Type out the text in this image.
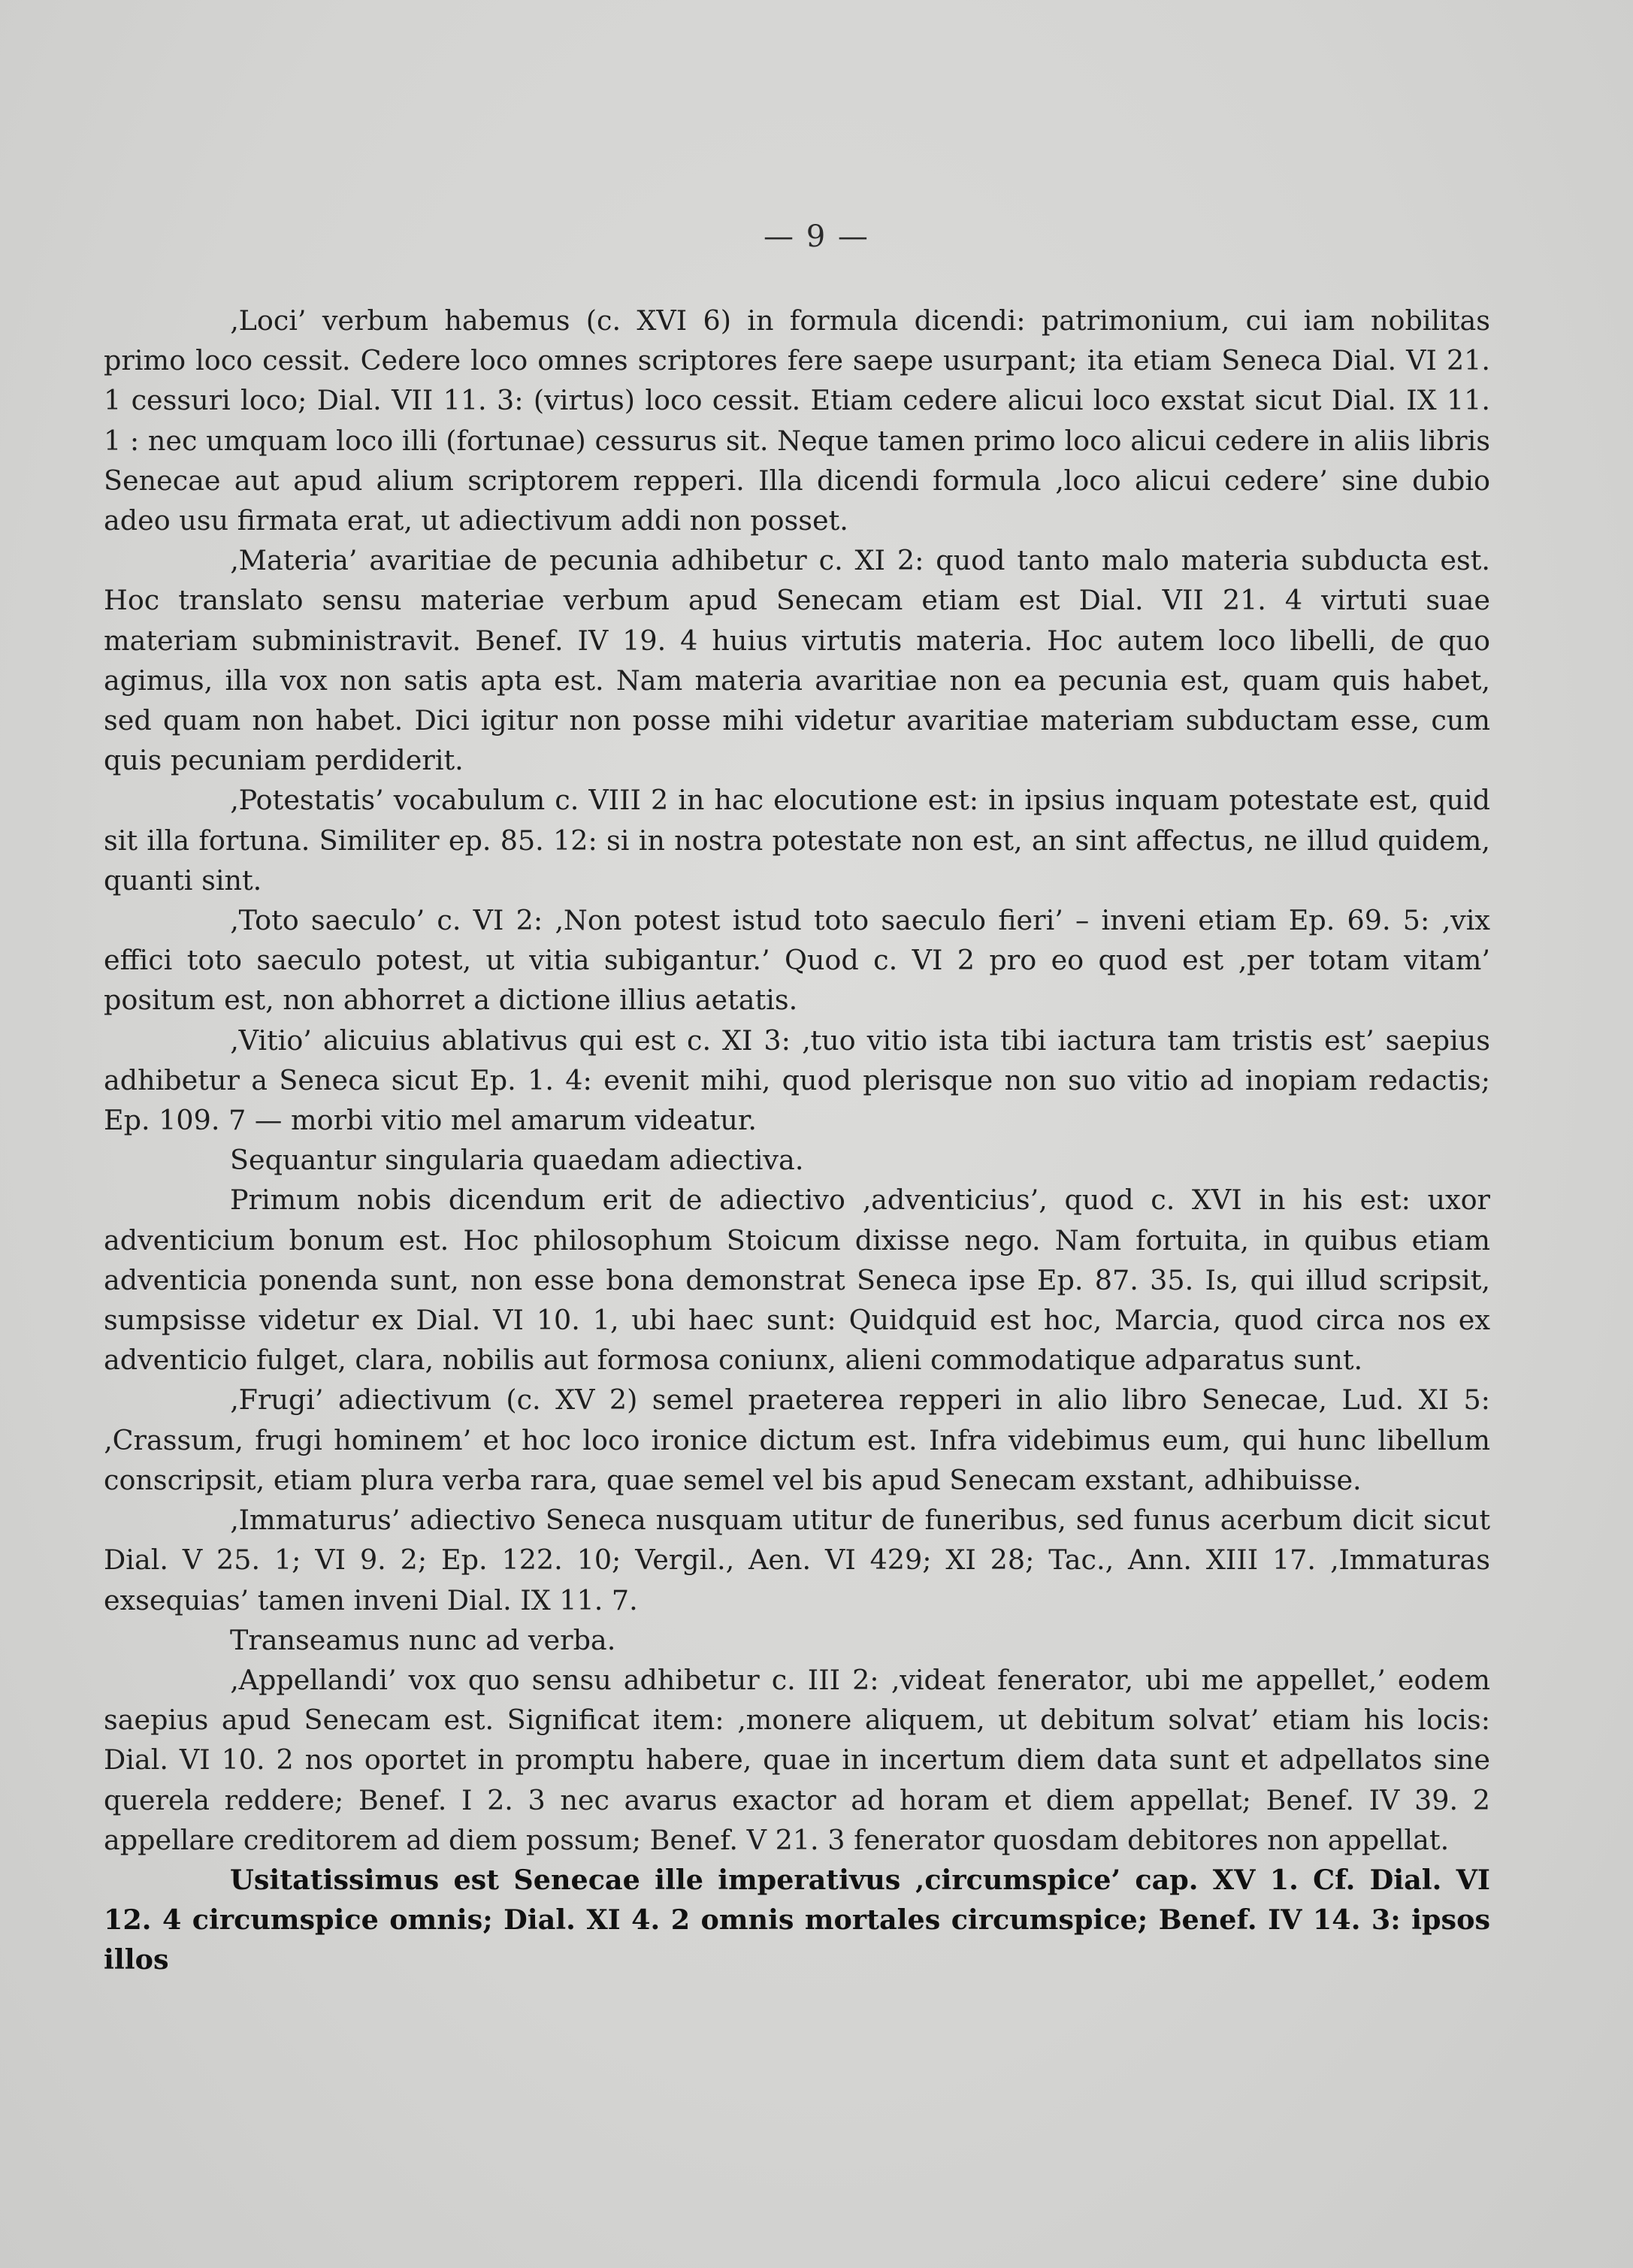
— 9 —

‚Loci’ verbum habemus (c. XVI 6) in formula dicendi: patrimonium, cui iam nobilitas primo loco cessit. Cedere loco omnes scriptores fere saepe usurpant; ita etiam Seneca Dial. VI 21. 1 cessuri loco; Dial. VII 11. 3: (virtus) loco cessit. Etiam cedere alicui loco exstat sicut Dial. IX 11. 1 : nec umquam loco illi (fortunae) cessurus sit. Neque tamen primo loco alicui cedere in aliis libris Senecae aut apud alium scriptorem repperi. Illa dicendi formula ‚loco alicui cedere’ sine dubio adeo usu firmata erat, ut adiectivum addi non posset.

‚Materia’ avaritiae de pecunia adhibetur c. XI 2: quod tanto malo materia subducta est. Hoc translato sensu materiae verbum apud Senecam etiam est Dial. VII 21. 4 virtuti suae materiam subministravit. Benef. IV 19. 4 huius virtutis materia. Hoc autem loco libelli, de quo agimus, illa vox non satis apta est. Nam materia avaritiae non ea pecunia est, quam quis habet, sed quam non habet. Dici igitur non posse mihi videtur avaritiae materiam subductam esse, cum quis pecuniam perdiderit.

‚Potestatis’ vocabulum c. VIII 2 in hac elocutione est: in ipsius inquam potestate est, quid sit illa fortuna. Similiter ep. 85. 12: si in nostra potestate non est, an sint affectus, ne illud quidem, quanti sint.

‚Toto saeculo’ c. VI 2: ‚Non potest istud toto saeculo fieri’ – inveni etiam Ep. 69. 5: ‚vix effici toto saeculo potest, ut vitia subigantur.’ Quod c. VI 2 pro eo quod est ‚per totam vitam’ positum est, non abhorret a dictione illius aetatis.

‚Vitio’ alicuius ablativus qui est c. XI 3: ‚tuo vitio ista tibi iactura tam tristis est’ saepius adhibetur a Seneca sicut Ep. 1. 4: evenit mihi, quod plerisque non suo vitio ad inopiam redactis; Ep. 109. 7 — morbi vitio mel amarum videatur.

Sequantur singularia quaedam adiectiva.

Primum nobis dicendum erit de adiectivo ‚adventicius’, quod c. XVI in his est: uxor adventicium bonum est. Hoc philosophum Stoicum dixisse nego. Nam fortuita, in quibus etiam adventicia ponenda sunt, non esse bona demonstrat Seneca ipse Ep. 87. 35. Is, qui illud scripsit, sumpsisse videtur ex Dial. VI 10. 1, ubi haec sunt: Quidquid est hoc, Marcia, quod circa nos ex adventicio fulget, clara, nobilis aut formosa coniunx, alieni commodatique adparatus sunt.

‚Frugi’ adiectivum (c. XV 2) semel praeterea repperi in alio libro Senecae, Lud. XI 5: ‚Crassum, frugi hominem’ et hoc loco ironice dictum est. Infra videbimus eum, qui hunc libellum conscripsit, etiam plura verba rara, quae semel vel bis apud Senecam exstant, adhibuisse.

‚Immaturus’ adiectivo Seneca nusquam utitur de funeribus, sed funus acerbum dicit sicut Dial. V 25. 1; VI 9. 2; Ep. 122. 10; Vergil., Aen. VI 429; XI 28; Tac., Ann. XIII 17. ‚Immaturas exsequias’ tamen inveni Dial. IX 11. 7.

Transeamus nunc ad verba.

‚Appellandi’ vox quo sensu adhibetur c. III 2: ‚videat fenerator, ubi me appellet,’ eodem saepius apud Senecam est. Significat item: ‚monere aliquem, ut debitum solvat’ etiam his locis: Dial. VI 10. 2 nos oportet in promptu habere, quae in incertum diem data sunt et adpellatos sine querela reddere; Benef. I 2. 3 nec avarus exactor ad horam et diem appellat; Benef. IV 39. 2 appellare creditorem ad diem possum; Benef. V 21. 3 fenerator quosdam debitores non appellat.

Usitatissimus est Senecae ille imperativus ‚circumspice’ cap. XV 1. Cf. Dial. VI 12. 4 circumspice omnis; Dial. XI 4. 2 omnis mortales circumspice; Benef. IV 14. 3: ipsos illos
